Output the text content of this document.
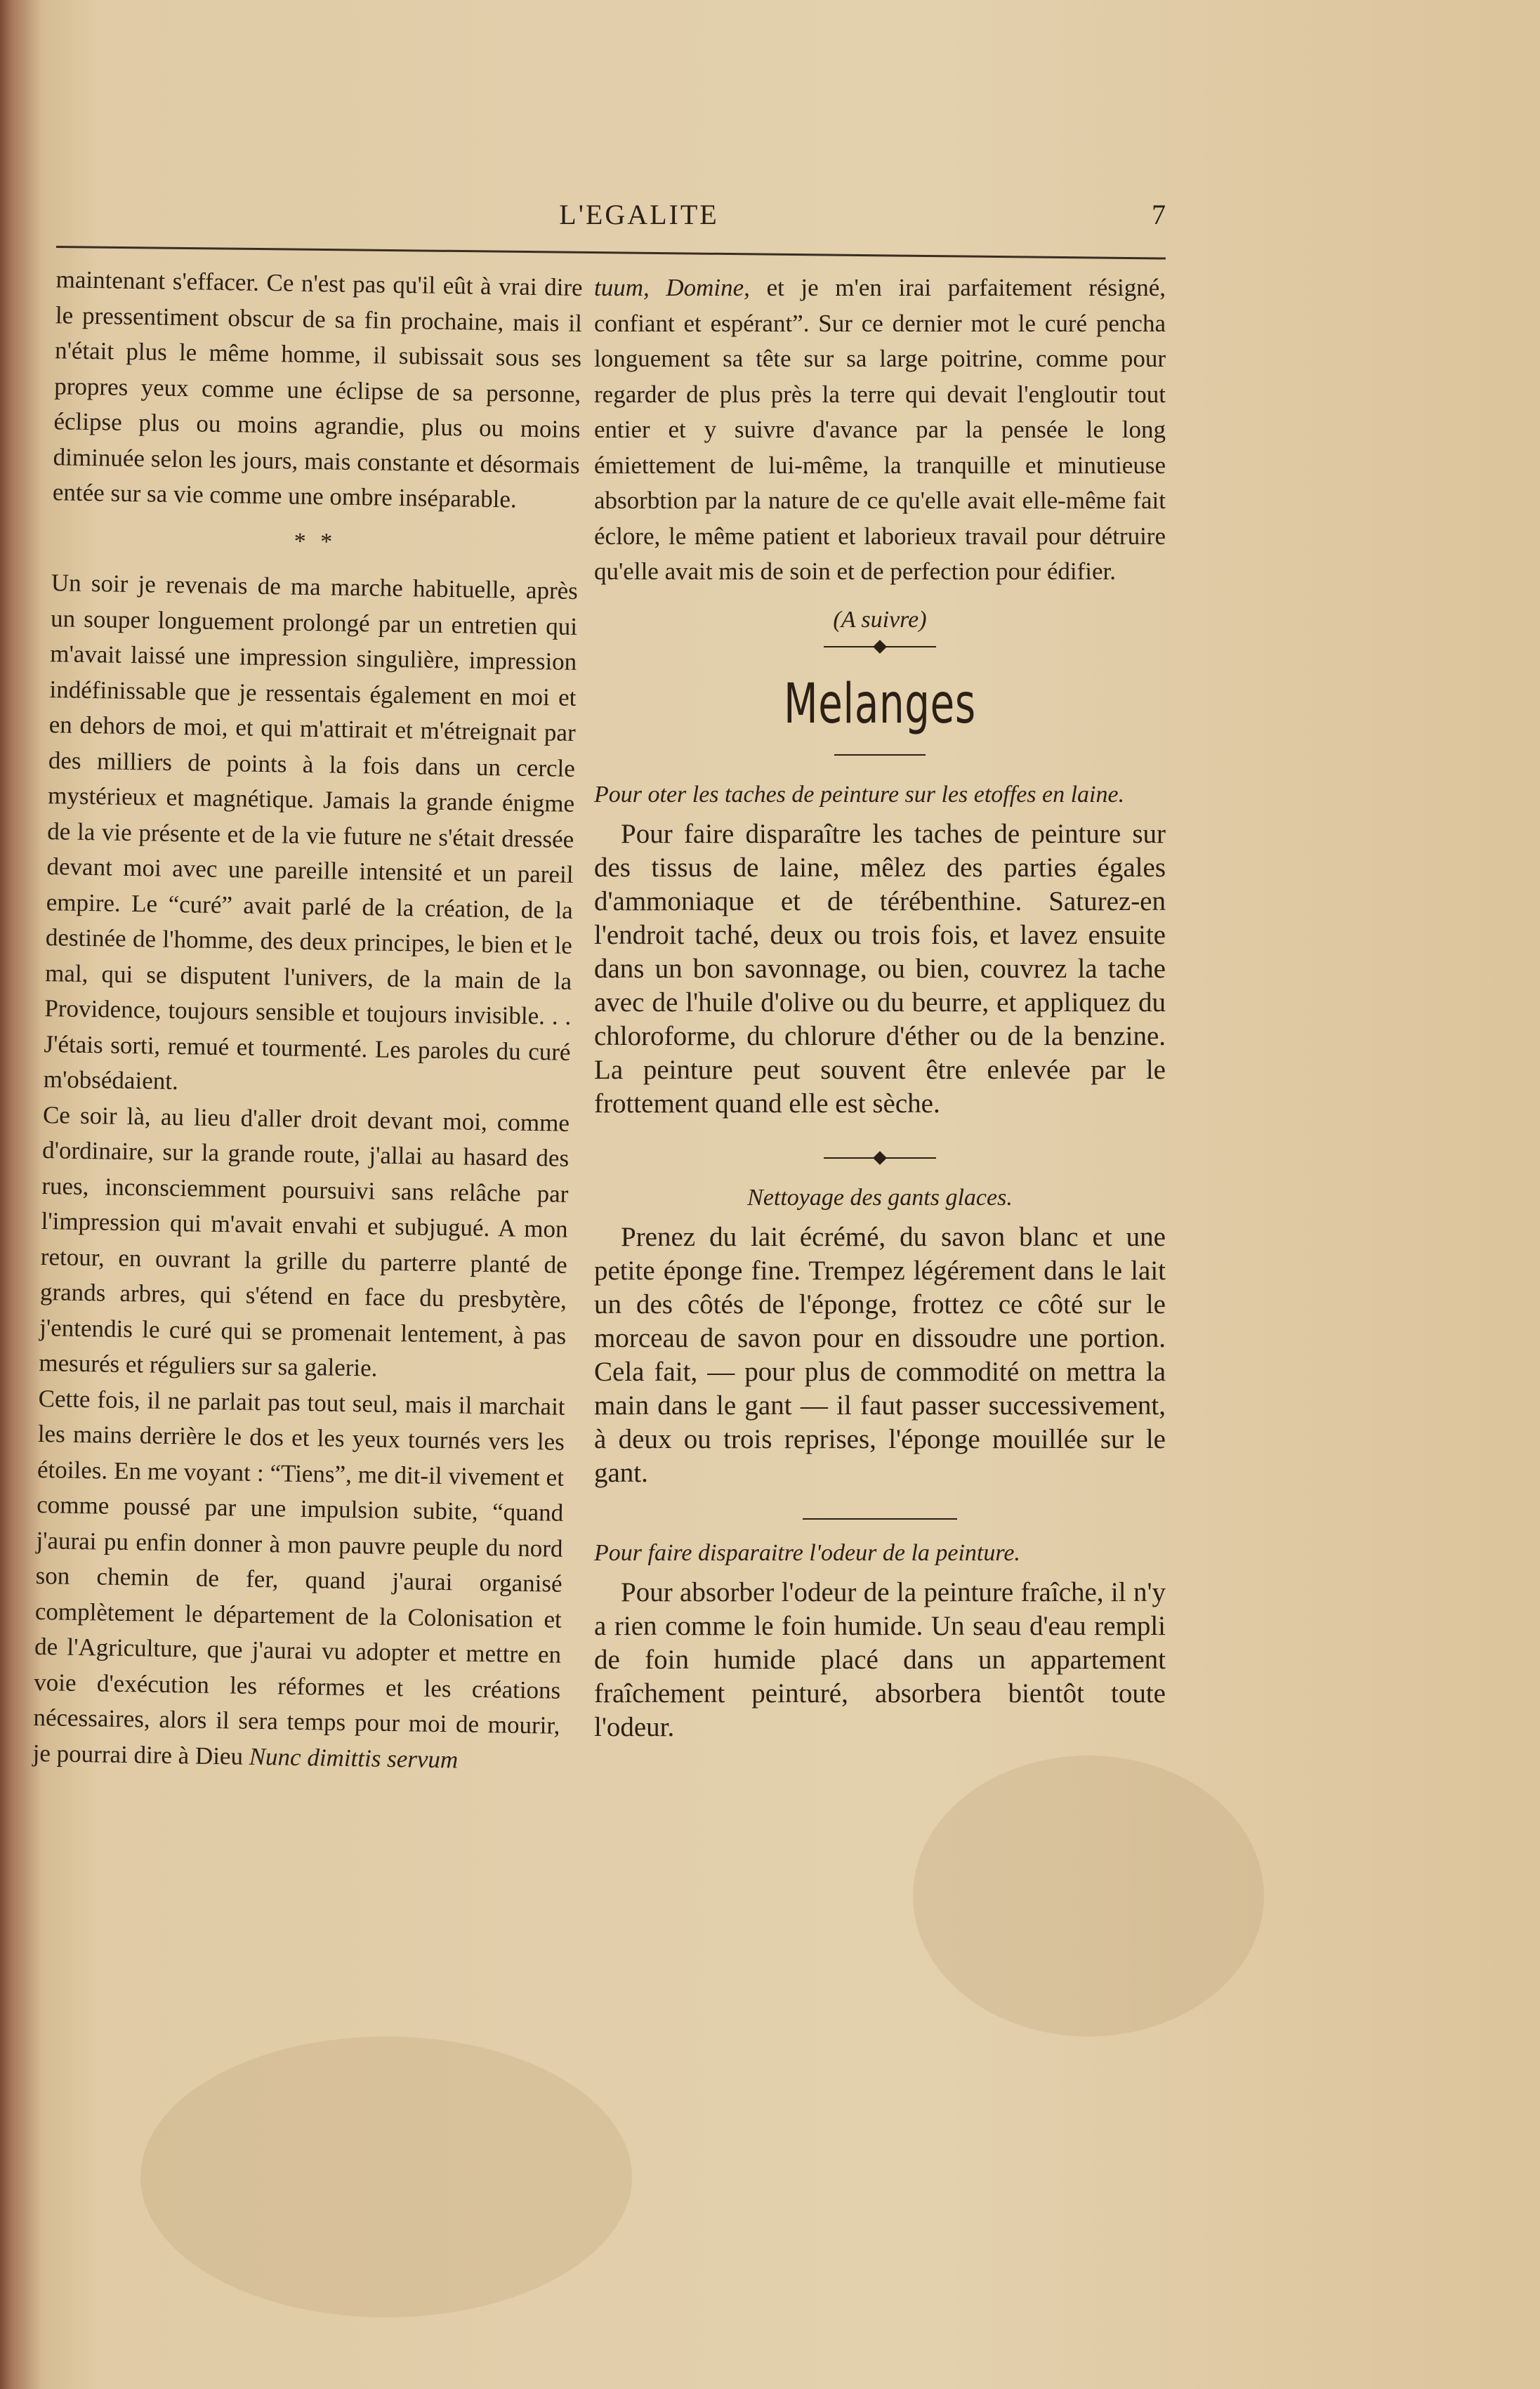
L'EGALITE	7

maintenant s'effacer. Ce n'est pas qu'il eût à vrai dire le pressentiment obscur de sa fin prochaine, mais il n'était plus le même homme, il subissait sous ses propres yeux comme une éclipse de sa personne, éclipse plus ou moins agrandie, plus ou moins diminuée selon les jours, mais constante et désormais entée sur sa vie comme une ombre inséparable.

* *

Un soir je revenais de ma marche habituelle, après un souper longuement prolongé par un entretien qui m'avait laissé une impression singulière, impression indéfinissable que je ressentais également en moi et en dehors de moi, et qui m'attirait et m'étreignait par des milliers de points à la fois dans un cercle mystérieux et magnétique. Jamais la grande énigme de la vie présente et de la vie future ne s'était dressée devant moi avec une pareille intensité et un pareil empire. Le “curé” avait parlé de la création, de la destinée de l'homme, des deux principes, le bien et le mal, qui se disputent l'univers, de la main de la Providence, toujours sensible et toujours invisible. . . J'étais sorti, remué et tourmenté. Les paroles du curé m'obsédaient.

Ce soir là, au lieu d'aller droit devant moi, comme d'ordinaire, sur la grande route, j'allai au hasard des rues, inconsciemment poursuivi sans relâche par l'impression qui m'avait envahi et subjugué. A mon retour, en ouvrant la grille du parterre planté de grands arbres, qui s'étend en face du presbytère, j'entendis le curé qui se promenait lentement, à pas mesurés et réguliers sur sa galerie.

Cette fois, il ne parlait pas tout seul, mais il marchait les mains derrière le dos et les yeux tournés vers les étoiles. En me voyant : “Tiens”, me dit-il vivement et comme poussé par une impulsion subite, “quand j'aurai pu enfin donner à mon pauvre peuple du nord son chemin de fer, quand j'aurai organisé complètement le département de la Colonisation et de l'Agriculture, que j'aurai vu adopter et mettre en voie d'exécution les réformes et les créations nécessaires, alors il sera temps pour moi de mourir, je pourrai dire à Dieu Nunc dimittis servum

tuum, Domine, et je m'en irai parfaitement résigné, confiant et espérant”. Sur ce dernier mot le curé pencha longuement sa tête sur sa large poitrine, comme pour regarder de plus près la terre qui devait l'engloutir tout entier et y suivre d'avance par la pensée le long émiettement de lui-même, la tranquille et minutieuse absorbtion par la nature de ce qu'elle avait elle-même fait éclore, le même patient et laborieux travail pour détruire qu'elle avait mis de soin et de perfection pour édifier.

(A suivre)
Melanges
Pour oter les taches de peinture sur les etoffes en laine.

Pour faire disparaître les taches de peinture sur des tissus de laine, mêlez des parties égales d'ammoniaque et de térébenthine. Saturez-en l'endroit taché, deux ou trois fois, et lavez ensuite dans un bon savonnage, ou bien, couvrez la tache avec de l'huile d'olive ou du beurre, et appliquez du chloroforme, du chlorure d'éther ou de la benzine. La peinture peut souvent être enlevée par le frottement quand elle est sèche.

Nettoyage des gants glaces.

Prenez du lait écrémé, du savon blanc et une petite éponge fine. Trempez légérement dans le lait un des côtés de l'éponge, frottez ce côté sur le morceau de savon pour en dissoudre une portion. Cela fait, — pour plus de commodité on mettra la main dans le gant — il faut passer successivement, à deux ou trois reprises, l'éponge mouillée sur le gant.

Pour faire disparaitre l'odeur de la peinture.

Pour absorber l'odeur de la peinture fraîche, il n'y a rien comme le foin humide. Un seau d'eau rempli de foin humide placé dans un appartement fraîchement peinturé, absorbera bientôt toute l'odeur.
